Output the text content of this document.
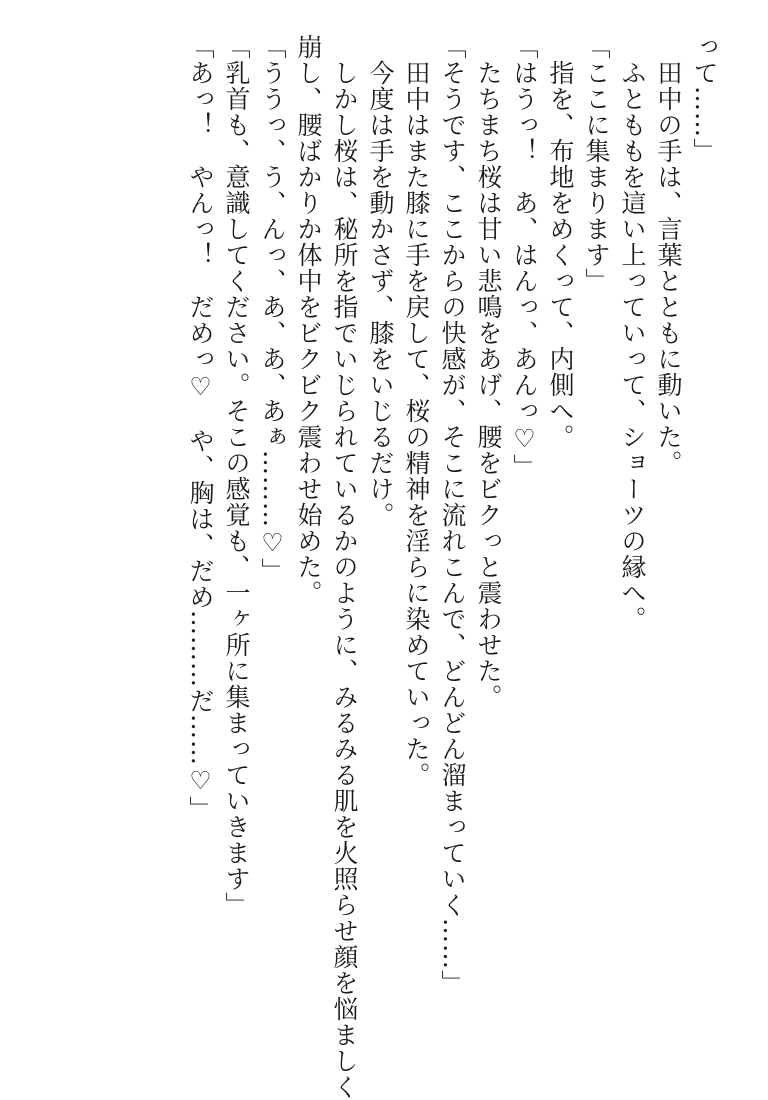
って……」

　田中の手は、言葉とともに動いた。

　ふとももを這い上っていって、ショーツの縁へ。

「ここに集まります」

　指を、布地をめくって、内側へ。

「はうっ！　あ、はんっ、あんっ♡」

　たちまち桜は甘い悲鳴をあげ、腰をビクっと震わせた。

「そうです、ここからの快感が、そこに流れこんで、どんどん溜まっていく……」

　田中はまた膝に手を戻して、桜の精神を淫らに染めていった。

　今度は手を動かさず、膝をいじるだけ。

　しかし桜は、秘所を指でいじられているかのように、みるみる肌を火照らせ顔を悩ましく

崩し、腰ばかりか体中をビクビク震わせ始めた。

「ううっ、う、んっ、あ、あ、あぁ………♡」

「乳首も、意識してください。そこの感覚も、一ヶ所に集まっていきます」

「あっ！　やんっ！　だめっ♡　や、胸は、だめ………だ……♡」
